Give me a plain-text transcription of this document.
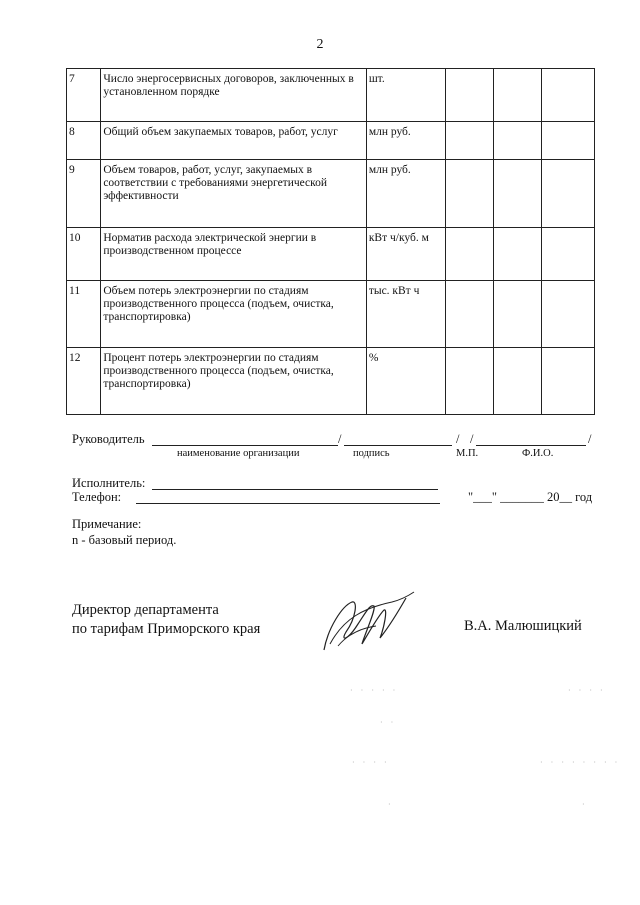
2
7	Число энергосервисных договоров, заключенных в установленном порядке	шт.			
8	Общий объем закупаемых товаров, работ, услуг	млн руб.			
9	Объем товаров, работ, услуг, закупаемых в соответствии с требованиями энергетической эффективности	млн руб.			
10	Норматив расхода электрической энергии в производственном процессе	кВт ч/куб. м			
11	Объем потерь электроэнергии по стадиям производственного процесса (подъем, очистка, транспортировка)	тыс. кВт ч			
12	Процент потерь электроэнергии по стадиям производственного процесса (подъем, очистка, транспортировка)	%			
Руководитель	/	/ /	/
наименование организации	подпись	М.П.	Ф.И.О.
Исполнитель:
Телефон:	"___" _______ 20__ год
Примечание:
n - базовый период.
Директор департамента
по тарифам Приморского края	В.А. Малюшицкий
· · · · ·	· · · ·
· ·
· · · ·	· · · · · · · ·
·	·
